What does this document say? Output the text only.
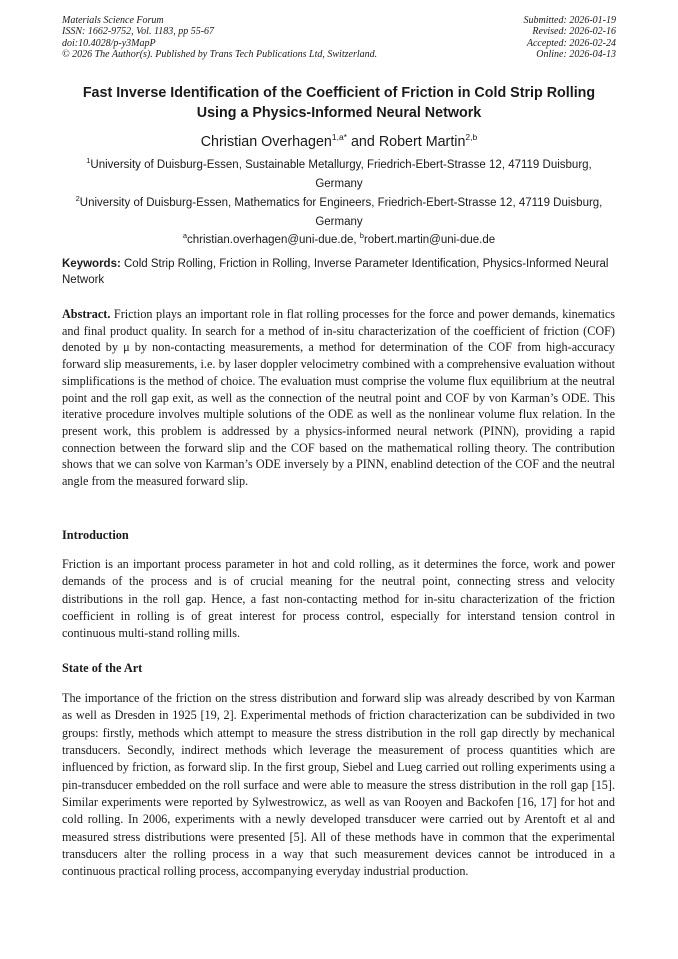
Materials Science Forum
ISSN: 1662-9752, Vol. 1183, pp 55-67
doi:10.4028/p-y3MapP
© 2026 The Author(s). Published by Trans Tech Publications Ltd, Switzerland.
Submitted: 2026-01-19
Revised: 2026-02-16
Accepted: 2026-02-24
Online: 2026-04-13
Fast Inverse Identification of the Coefficient of Friction in Cold Strip Rolling Using a Physics-Informed Neural Network
Christian Overhagen$^{1,a*}$ and Robert Martin$^{2,b}$
$^1$University of Duisburg-Essen, Sustainable Metallurgy, Friedrich-Ebert-Strasse 12, 47119 Duisburg, Germany
$^2$University of Duisburg-Essen, Mathematics for Engineers, Friedrich-Ebert-Strasse 12, 47119 Duisburg, Germany
$^a$christian.overhagen@uni-due.de, $^b$robert.martin@uni-due.de
Keywords: Cold Strip Rolling, Friction in Rolling, Inverse Parameter Identification, Physics-Informed Neural Network
Abstract. Friction plays an important role in flat rolling processes for the force and power demands, kinematics and final product quality. In search for a method of in-situ characterization of the coefficient of friction (COF) denoted by μ by non-contacting measurements, a method for determination of the COF from high-accuracy forward slip measurements, i.e. by laser doppler velocimetry combined with a comprehensive evaluation without simplifications is the method of choice. The evaluation must comprise the volume flux equilibrium at the neutral point and the roll gap exit, as well as the connection of the neutral point and COF by von Karman’s ODE. This iterative procedure involves multiple solutions of the ODE as well as the nonlinear volume flux relation. In the present work, this problem is addressed by a physics-informed neural network (PINN), providing a rapid connection between the forward slip and the COF based on the mathematical rolling theory. The contribution shows that we can solve von Karman’s ODE inversely by a PINN, enablind detection of the COF and the neutral angle from the measured forward slip.
Introduction
Friction is an important process parameter in hot and cold rolling, as it determines the force, work and power demands of the process and is of crucial meaning for the neutral point, connecting stress and velocity distributions in the roll gap. Hence, a fast non-contacting method for in-situ characterization of the friction coefficient in rolling is of great interest for process control, especially for interstand tension control in continuous multi-stand rolling mills.
State of the Art
The importance of the friction on the stress distribution and forward slip was already described by von Karman as well as Dresden in 1925 [19, 2]. Experimental methods of friction characterization can be subdivided in two groups: firstly, methods which attempt to measure the stress distribution in the roll gap directly by mechanical transducers. Secondly, indirect methods which leverage the measurement of process quantities which are influenced by friction, as forward slip. In the first group, Siebel and Lueg carried out rolling experiments using a pin-transducer embedded on the roll surface and were able to measure the stress distribution in the roll gap [15]. Similar experiments were reported by Sylwestrowicz, as well as van Rooyen and Backofen [16, 17] for hot and cold rolling. In 2006, experiments with a newly developed transducer were carried out by Arentoft et al and measured stress distributions were presented [5]. All of these methods have in common that the experimental transducers alter the rolling process in a way that such measurement devices cannot be introduced in a continuous practical rolling process, accompanying everyday industrial production.
